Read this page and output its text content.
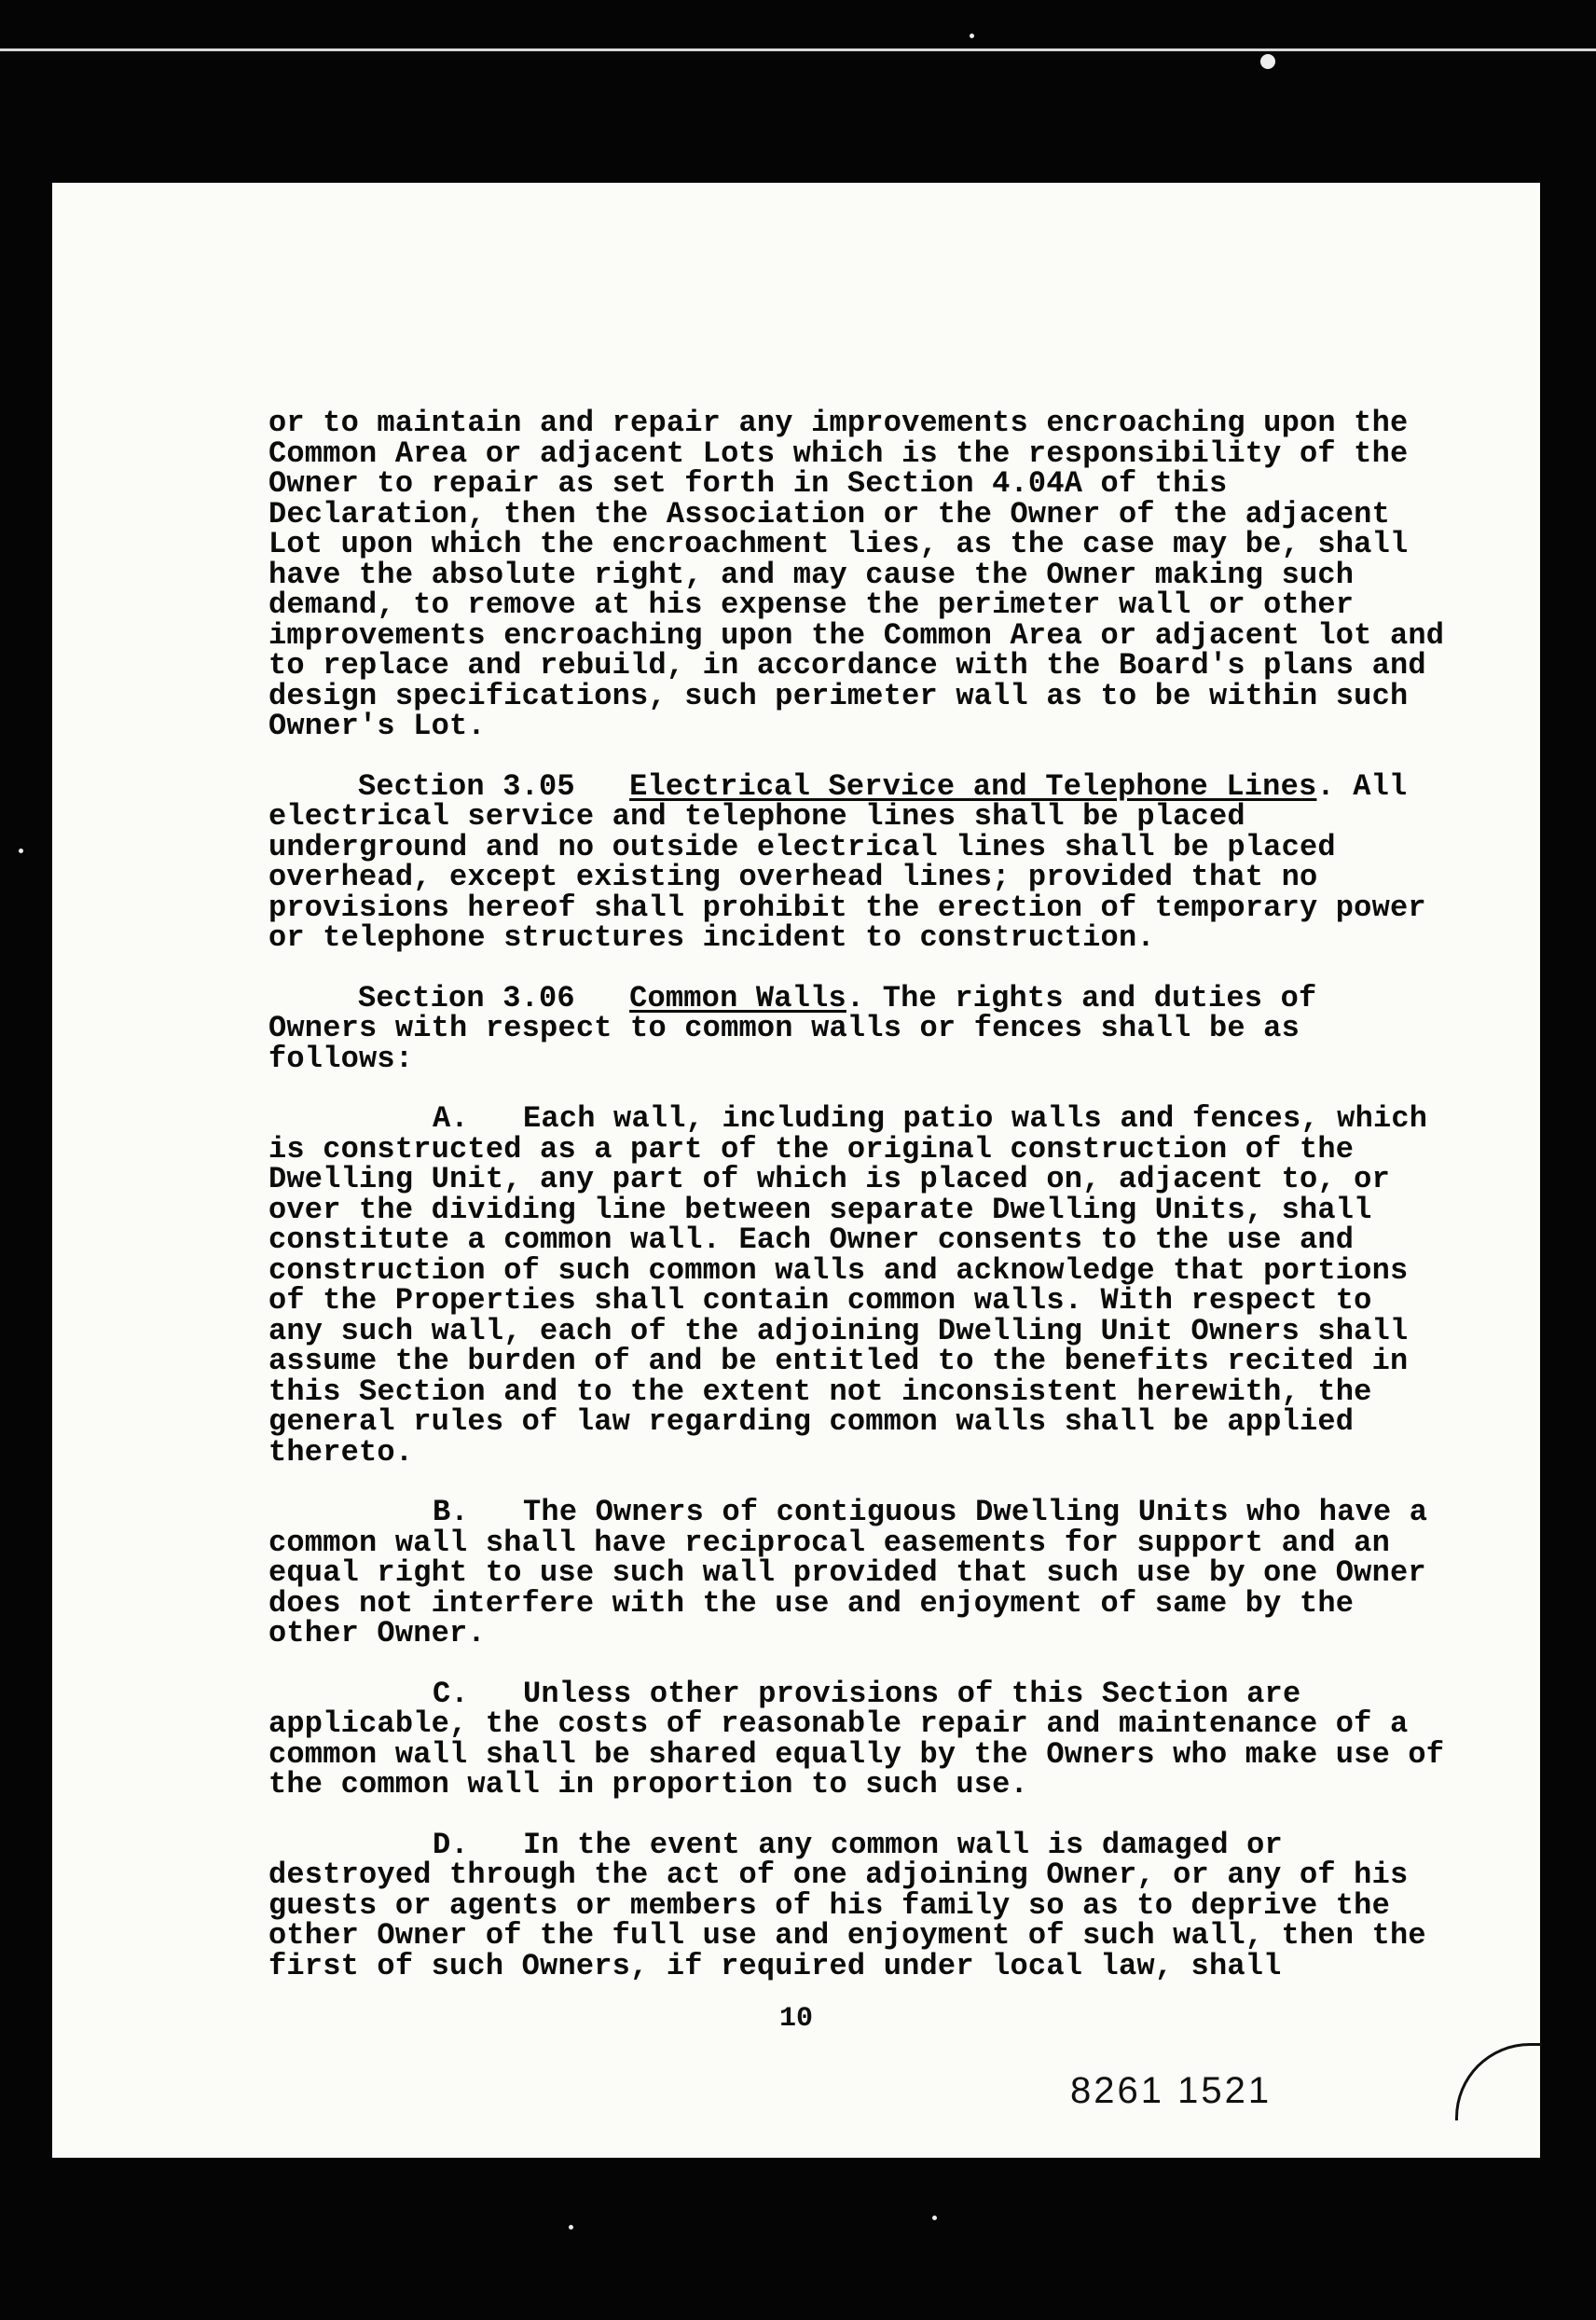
or to maintain and repair any improvements encroaching upon the
Common Area or adjacent Lots which is the responsibility of the
Owner to repair as set forth in Section 4.04A of this
Declaration, then the Association or the Owner of the adjacent
Lot upon which the encroachment lies, as the case may be, shall
have the absolute right, and may cause the Owner making such
demand, to remove at his expense the perimeter wall or other
improvements encroaching upon the Common Area or adjacent lot and
to replace and rebuild, in accordance with the Board's plans and
design specifications, such perimeter wall as to be within such
Owner's Lot.
Section 3.05 Electrical Service and Telephone Lines. All
electrical service and telephone lines shall be placed
underground and no outside electrical lines shall be placed
overhead, except existing overhead lines; provided that no
provisions hereof shall prohibit the erection of temporary power
or telephone structures incident to construction.
Section 3.06 Common Walls. The rights and duties of
Owners with respect to common walls or fences shall be as
follows:
A. Each wall, including patio walls and fences, which
is constructed as a part of the original construction of the
Dwelling Unit, any part of which is placed on, adjacent to, or
over the dividing line between separate Dwelling Units, shall
constitute a common wall. Each Owner consents to the use and
construction of such common walls and acknowledge that portions
of the Properties shall contain common walls. With respect to
any such wall, each of the adjoining Dwelling Unit Owners shall
assume the burden of and be entitled to the benefits recited in
this Section and to the extent not inconsistent herewith, the
general rules of law regarding common walls shall be applied
thereto.
B. The Owners of contiguous Dwelling Units who have a
common wall shall have reciprocal easements for support and an
equal right to use such wall provided that such use by one Owner
does not interfere with the use and enjoyment of same by the
other Owner.
C. Unless other provisions of this Section are
applicable, the costs of reasonable repair and maintenance of a
common wall shall be shared equally by the Owners who make use of
the common wall in proportion to such use.
D. In the event any common wall is damaged or
destroyed through the act of one adjoining Owner, or any of his
guests or agents or members of his family so as to deprive the
other Owner of the full use and enjoyment of such wall, then the
first of such Owners, if required under local law, shall
10
8261 1521
